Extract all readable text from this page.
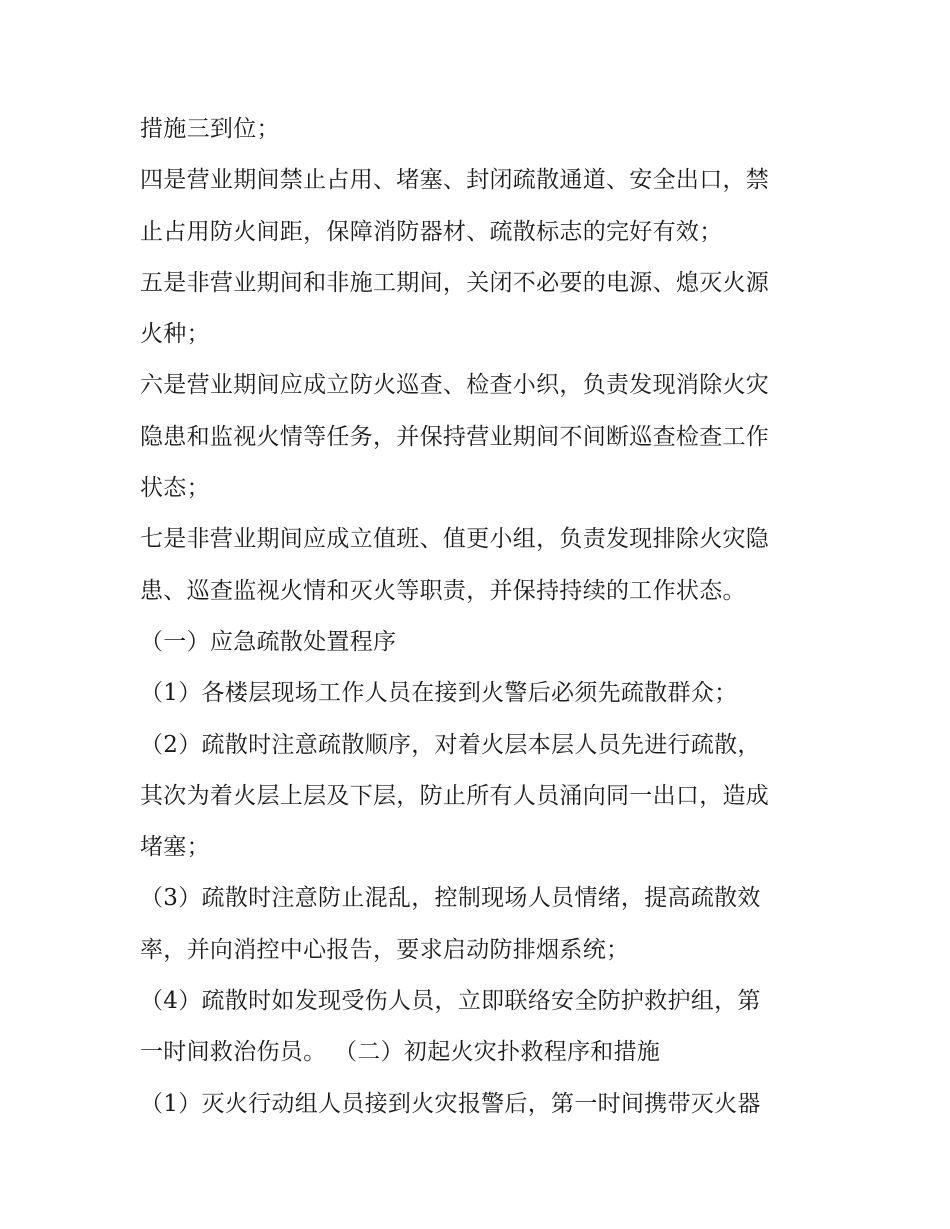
措施三到位；
四是营业期间禁止占用、堵塞、封闭疏散通道、安全出口，禁
止占用防火间距，保障消防器材、疏散标志的完好有效；
五是非营业期间和非施工期间，关闭不必要的电源、熄灭火源
火种；
六是营业期间应成立防火巡查、检查小织，负责发现消除火灾
隐患和监视火情等任务，并保持营业期间不间断巡查检查工作
状态；
七是非营业期间应成立值班、值更小组，负责发现排除火灾隐
患、巡查监视火情和灭火等职责，并保持持续的工作状态。
（一）应急疏散处置程序
（1）各楼层现场工作人员在接到火警后必须先疏散群众；
（2）疏散时注意疏散顺序，对着火层本层人员先进行疏散，
其次为着火层上层及下层，防止所有人员涌向同一出口，造成
堵塞；
（3）疏散时注意防止混乱，控制现场人员情绪，提高疏散效
率，并向消控中心报告，要求启动防排烟系统；
（4）疏散时如发现受伤人员，立即联络安全防护救护组，第
一时间救治伤员。 （二）初起火灾扑救程序和措施
（1）灭火行动组人员接到火灾报警后，第一时间携带灭火器
